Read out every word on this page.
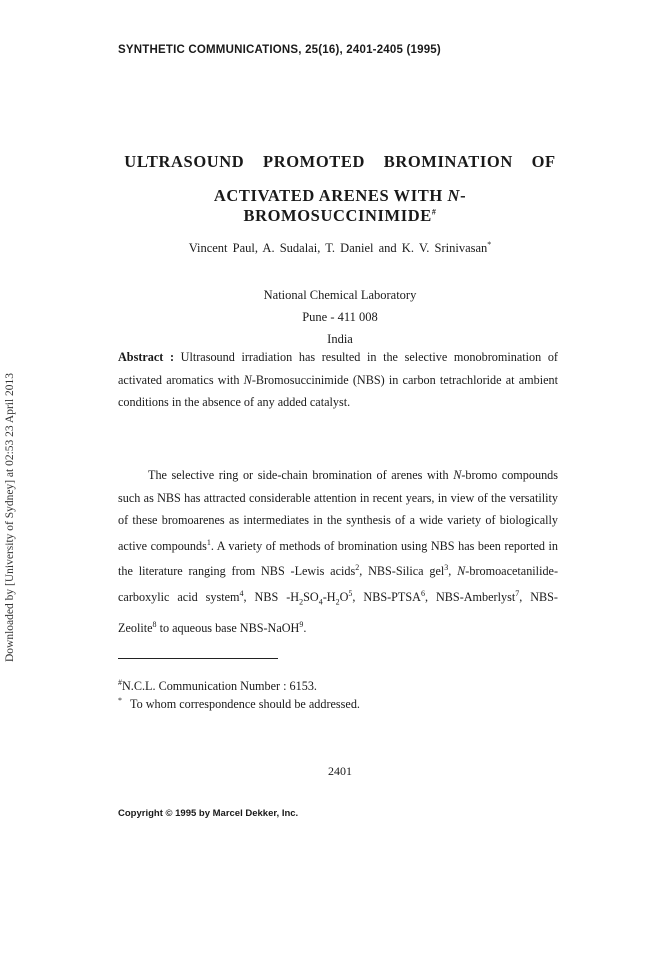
SYNTHETIC COMMUNICATIONS, 25(16), 2401-2405 (1995)
ULTRASOUND PROMOTED BROMINATION OF
ACTIVATED ARENES WITH N-BROMOSUCCINIMIDE#
Vincent Paul, A. Sudalai, T. Daniel and K. V. Srinivasan*
National Chemical Laboratory
Pune - 411 008
India
Abstract : Ultrasound irradiation has resulted in the selective monobromination of activated aromatics with N-Bromosuccinimide (NBS) in carbon tetrachloride at ambient conditions in the absence of any added catalyst.
The selective ring or side-chain bromination of arenes with N-bromo compounds such as NBS has attracted considerable attention in recent years, in view of the versatility of these bromoarenes as intermediates in the synthesis of a wide variety of biologically active compounds$^1$. A variety of methods of bromination using NBS has been reported in the literature ranging from NBS -Lewis acids$^2$, NBS-Silica gel$^3$, N-bromoacetanilide-carboxylic acid system$^4$, NBS $-H_2SO_4-H_2O^5$, NBS-PTSA$^6$, NBS-Amberlyst$^7$, NBS-Zeolite$^8$ to aqueous base NBS-NaOH$^9$.
#N.C.L. Communication Number : 6153.
* To whom correspondence should be addressed.
2401
Copyright © 1995 by Marcel Dekker, Inc.
Downloaded by [University of Sydney] at 02:53 23 April 2013
